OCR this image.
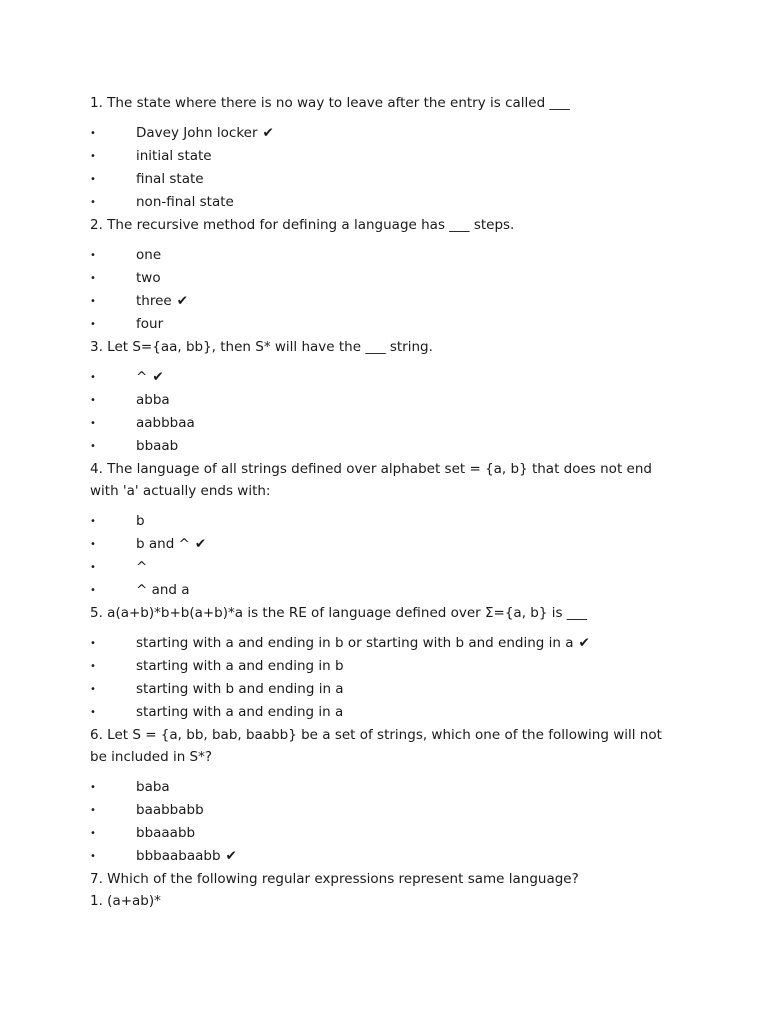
1. The state where there is no way to leave after the entry is called ___

•	Davey John locker ✔
•	initial state
•	final state
•	non-final state

2. The recursive method for defining a language has ___ steps.

•	one
•	two
•	three ✔
•	four

3. Let S={aa, bb}, then S* will have the ___ string.

•	^ ✔
•	abba
•	aabbbaa
•	bbaab

4. The language of all strings defined over alphabet set = {a, b} that does not end with 'a' actually ends with:

•	b
•	b and ^ ✔
•	^
•	^ and a

5. a(a+b)*b+b(a+b)*a is the RE of language defined over Σ={a, b} is ___

•	starting with a and ending in b or starting with b and ending in a ✔
•	starting with a and ending in b
•	starting with b and ending in a
•	starting with a and ending in a

6. Let S = {a, bb, bab, baabb} be a set of strings, which one of the following will not be included in S*?

•	baba
•	baabbabb
•	bbaaabb
•	bbbaabaabb ✔

7. Which of the following regular expressions represent same language?

1. (a+ab)*
